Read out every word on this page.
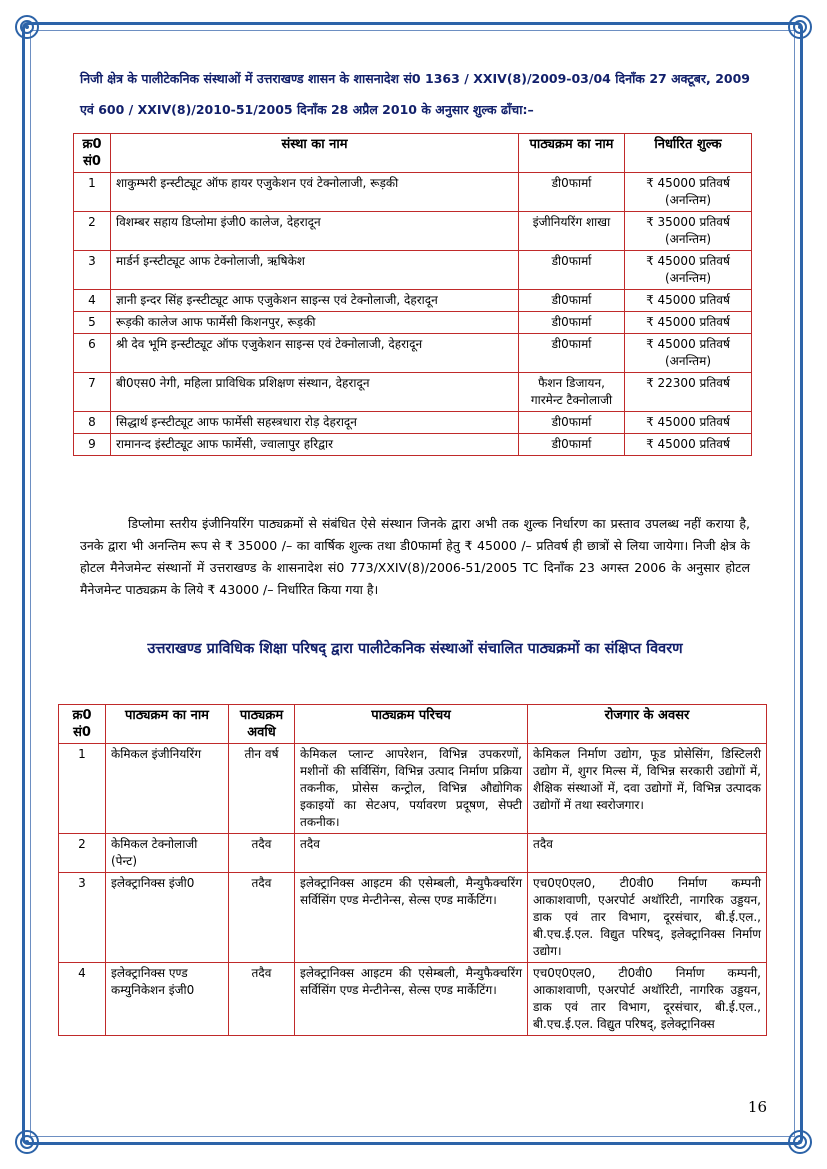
निजी क्षेत्र के पालीटेकनिक संस्थाओं में उत्तराखण्ड शासन के शासनादेश सं0 1363 / XXIV(8)/2009-03/04 दिनाँक 27 अक्टूबर, 2009 एवं 600 / XXIV(8)/2010-51/2005 दिनाँक 28 अप्रैल 2010 के अनुसार शुल्क ढाँचा:–
क्र0 सं0	संस्था का नाम	पाठ्यक्रम का नाम	निर्धारित शुल्क
1	शाकुम्भरी इन्स्टीट्यूट ऑफ हायर एजुकेशन एवं टेक्नोलाजी, रूड़की	डी0फार्मा	₹ 45000 प्रतिवर्ष (अनन्तिम)
2	विशम्बर सहाय डिप्लोमा इंजी0 कालेज, देहरादून	इंजीनियरिंग शाखा	₹ 35000 प्रतिवर्ष (अनन्तिम)
3	मार्डर्न इन्स्टीट्यूट आफ टेक्नोलाजी, ऋषिकेश	डी0फार्मा	₹ 45000 प्रतिवर्ष (अनन्तिम)
4	ज्ञानी इन्दर सिंह इन्स्टीट्यूट आफ एजुकेशन साइन्स एवं टेक्नोलाजी, देहरादून	डी0फार्मा	₹ 45000 प्रतिवर्ष
5	रूड़की कालेज आफ फार्मेसी किशनपुर, रूड़की	डी0फार्मा	₹ 45000 प्रतिवर्ष
6	श्री देव भूमि इन्स्टीट्यूट ऑफ एजुकेशन साइन्स एवं टेक्नोलाजी, देहरादून	डी0फार्मा	₹ 45000 प्रतिवर्ष (अनन्तिम)
7	बी0एस0 नेगी, महिला प्राविधिक प्रशिक्षण संस्थान, देहरादून	फैशन डिजायन, गारमेन्ट टैक्नोलाजी	₹ 22300 प्रतिवर्ष
8	सिद्धार्थ इन्स्टीट्यूट आफ फार्मेसी सहस्त्रधारा रोड़ देहरादून	डी0फार्मा	₹ 45000 प्रतिवर्ष
9	रामानन्द इंस्टीट्यूट आफ फार्मेसी, ज्वालापुर हरिद्वार	डी0फार्मा	₹ 45000 प्रतिवर्ष
डिप्लोमा स्तरीय इंजीनियरिंग पाठ्यक्रमों से संबंधित ऐसे संस्थान जिनके द्वारा अभी तक शुल्क निर्धारण का प्रस्ताव उपलब्ध नहीं कराया है, उनके द्वारा भी अनन्तिम रूप से ₹ 35000 /– का वार्षिक शुल्क तथा डी0फार्मा हेतु ₹ 45000 /– प्रतिवर्ष ही छात्रों से लिया जायेगा। निजी क्षेत्र के होटल मैनेजमेन्ट संस्थानों में उत्तराखण्ड के शासनादेश सं0 773/XXIV(8)/2006-51/2005 TC दिनाँक 23 अगस्त 2006 के अनुसार होटल मैनेजमेन्ट पाठ्यक्रम के लिये ₹ 43000 /– निर्धारित किया गया है।
उत्तराखण्ड प्राविधिक शिक्षा परिषद् द्वारा पालीटेकनिक संस्थाओं संचालित पाठ्यक्रमों का संक्षिप्त विवरण
क्र0 सं0	पाठ्यक्रम का नाम	पाठ्यक्रम अवधि	पाठ्यक्रम परिचय	रोजगार के अवसर
1	केमिकल इंजीनियरिंग	तीन वर्ष	केमिकल प्लान्ट आपरेशन, विभिन्न उपकरणों, मशीनों की सर्विसिंग, विभिन्न उत्पाद निर्माण प्रक्रिया तकनीक, प्रोसेस कन्ट्रोल, विभिन्न औद्योगिक इकाइयों का सेटअप, पर्यावरण प्रदूषण, सेफ्टी तकनीक।	केमिकल निर्माण उद्योग, फूड प्रोसेसिंग, डिस्टिलरी उद्योग में, शुगर मिल्स में, विभिन्न सरकारी उद्योगों में, शैक्षिक संस्थाओं में, दवा उद्योगों में, विभिन्न उत्पादक उद्योगों में तथा स्वरोजगार।
2	केमिकल टेक्नोलाजी (पेन्ट)	तदैव	तदैव	तदैव
3	इलेक्ट्रानिक्स इंजी0	तदैव	इलेक्ट्रानिक्स आइटम की एसेम्बली, मैन्युफैक्चरिंग सर्विसिंग एण्ड मेन्टीनेन्स, सेल्स एण्ड मार्केटिंग।	एच0ए0एल0, टी0वी0 निर्माण कम्पनी आकाशवाणी, एअरपोर्ट अथॉरिटी, नागरिक उड्डयन, डाक एवं तार विभाग, दूरसंचार, बी.ई.एल., बी.एच.ई.एल. विद्युत परिषद्, इलेक्ट्रानिक्स निर्माण उद्योग।
4	इलेक्ट्रानिक्स एण्ड कम्युनिकेशन इंजी0	तदैव	इलेक्ट्रानिक्स आइटम की एसेम्बली, मैन्युफैक्चरिंग सर्विसिंग एण्ड मेन्टीनेन्स, सेल्स एण्ड मार्केटिंग।	एच0ए0एल0, टी0वी0 निर्माण कम्पनी, आकाशवाणी, एअरपोर्ट अथॉरिटी, नागरिक उड्डयन, डाक एवं तार विभाग, दूरसंचार, बी.ई.एल., बी.एच.ई.एल. विद्युत परिषद्, इलेक्ट्रानिक्स
16
